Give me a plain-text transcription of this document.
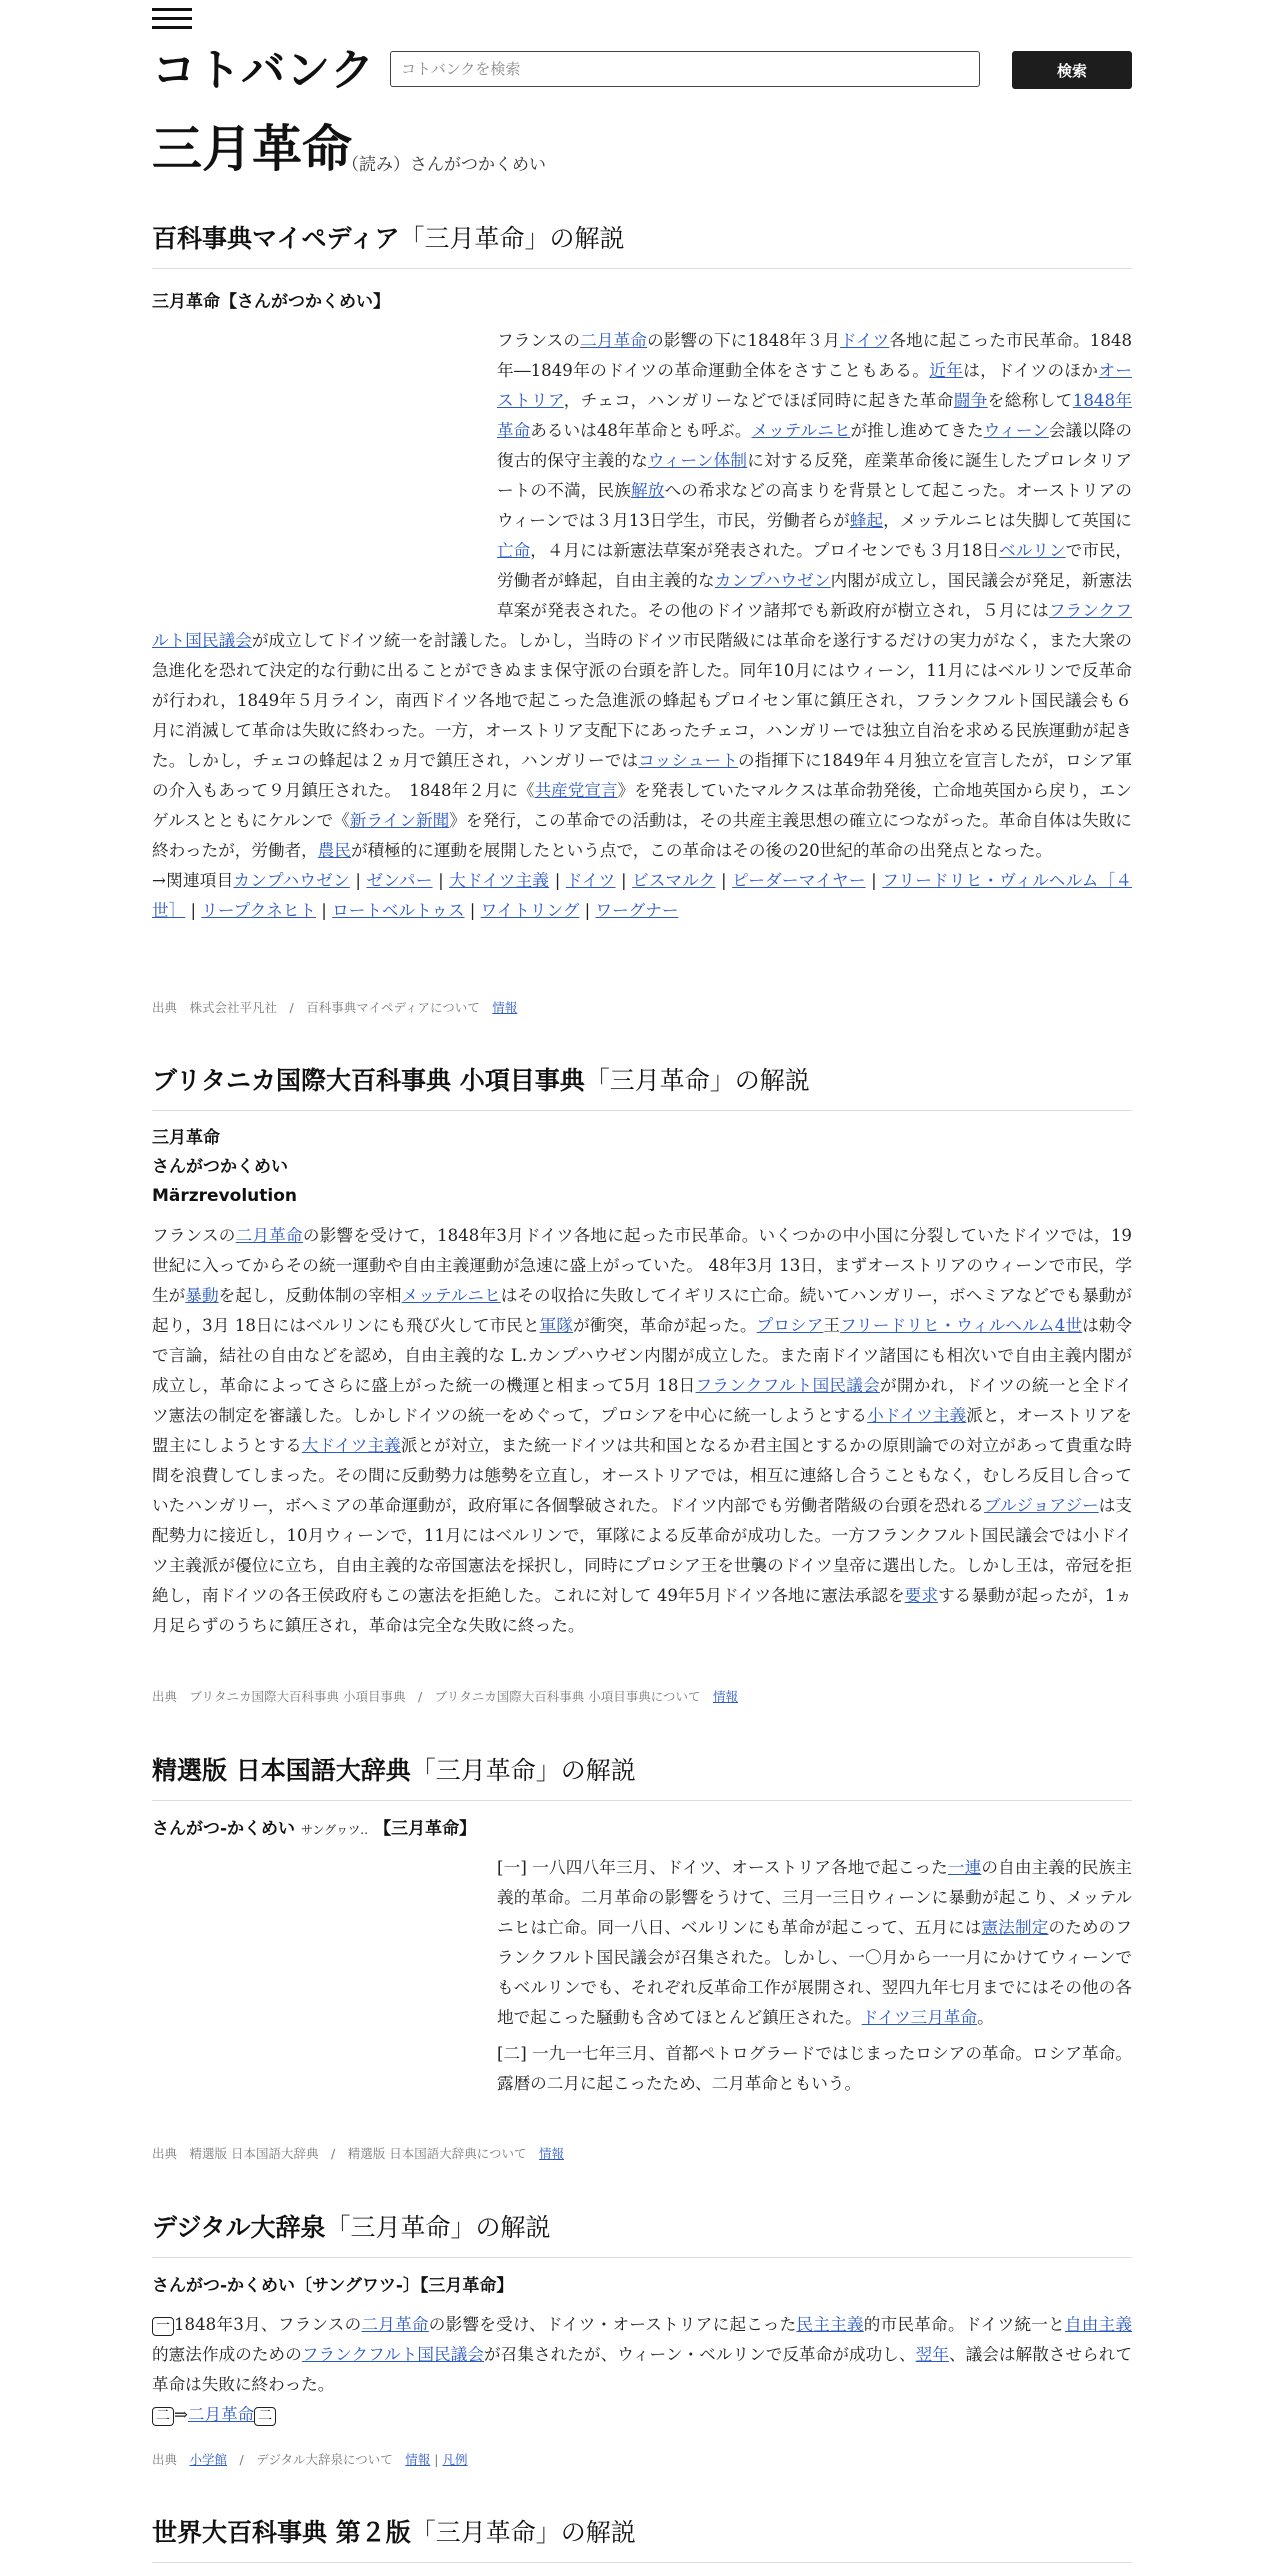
コトバンク
コトバンクを検索	検索
三月革命
（読み）さんがつかくめい
百科事典マイペディア「三月革命」の解説
三月革命【さんがつかくめい】
フランスの二月革命の影響の下に1848年３月ドイツ各地に起こった市民革命。1848年―1849年のドイツの革命運動全体をさすこともある。近年は，ドイツのほかオーストリア，チェコ，ハンガリーなどでほぼ同時に起きた革命闘争を総称して1848年革命あるいは48年革命とも呼ぶ。メッテルニヒが推し進めてきたウィーン会議以降の復古的保守主義的なウィーン体制に対する反発，産業革命後に誕生したプロレタリアートの不満，民族解放への希求などの高まりを背景として起こった。オーストリアのウィーンでは３月13日学生，市民，労働者らが蜂起，メッテルニヒは失脚して英国に亡命，４月には新憲法草案が発表された。プロイセンでも３月18日ベルリンで市民，労働者が蜂起，自由主義的なカンプハウゼン内閣が成立し，国民議会が発足，新憲法草案が発表された。その他のドイツ諸邦でも新政府が樹立され，５月にはフランクフルト国民議会が成立してドイツ統一を討議した。しかし，当時のドイツ市民階級には革命を遂行するだけの実力がなく，また大衆の急進化を恐れて決定的な行動に出ることができぬまま保守派の台頭を許した。同年10月にはウィーン，11月にはベルリンで反革命が行われ，1849年５月ライン，南西ドイツ各地で起こった急進派の蜂起もプロイセン軍に鎮圧され，フランクフルト国民議会も６月に消滅して革命は失敗に終わった。一方，オーストリア支配下にあったチェコ，ハンガリーでは独立自治を求める民族運動が起きた。しかし，チェコの蜂起は２ヵ月で鎮圧され，ハンガリーではコッシュートの指揮下に1849年４月独立を宣言したが，ロシア軍の介入もあって９月鎮圧された。　1848年２月に《共産党宣言》を発表していたマルクスは革命勃発後，亡命地英国から戻り，エンゲルスとともにケルンで《新ライン新聞》を発行，この革命での活動は，その共産主義思想の確立につながった。革命自体は失敗に終わったが，労働者，農民が積極的に運動を展開したという点で，この革命はその後の20世紀的革命の出発点となった。
→関連項目カンプハウゼン | ゼンパー | 大ドイツ主義 | ドイツ | ビスマルク | ピーダーマイヤー | フリードリヒ・ヴィルヘルム［４世］ | リープクネヒト | ロートベルトゥス | ワイトリング | ワーグナー
出典　 株式会社平凡社　/　百科事典マイペディアについて　 情報
ブリタニカ国際大百科事典 小項目事典「三月革命」の解説
三月革命
さんがつかくめい
Märzrevolution
フランスの二月革命の影響を受けて，1848年3月ドイツ各地に起った市民革命。いくつかの中小国に分裂していたドイツでは，19世紀に入ってからその統一運動や自由主義運動が急速に盛上がっていた。 48年3月 13日，まずオーストリアのウィーンで市民，学生が暴動を起し，反動体制の宰相メッテルニヒはその収拾に失敗してイギリスに亡命。続いてハンガリー，ボヘミアなどでも暴動が起り，3月 18日にはベルリンにも飛び火して市民と軍隊が衝突，革命が起った。プロシア王フリードリヒ・ウィルヘルム4世は勅令で言論，結社の自由などを認め，自由主義的な L.カンプハウゼン内閣が成立した。また南ドイツ諸国にも相次いで自由主義内閣が成立し，革命によってさらに盛上がった統一の機運と相まって5月 18日フランクフルト国民議会が開かれ，ドイツの統一と全ドイツ憲法の制定を審議した。しかしドイツの統一をめぐって，プロシアを中心に統一しようとする小ドイツ主義派と，オーストリアを盟主にしようとする大ドイツ主義派とが対立，また統一ドイツは共和国となるか君主国とするかの原則論での対立があって貴重な時間を浪費してしまった。その間に反動勢力は態勢を立直し，オーストリアでは，相互に連絡し合うこともなく，むしろ反目し合っていたハンガリー，ボヘミアの革命運動が，政府軍に各個撃破された。ドイツ内部でも労働者階級の台頭を恐れるブルジョアジーは支配勢力に接近し，10月ウィーンで，11月にはベルリンで，軍隊による反革命が成功した。一方フランクフルト国民議会では小ドイツ主義派が優位に立ち，自由主義的な帝国憲法を採択し，同時にプロシア王を世襲のドイツ皇帝に選出した。しかし王は，帝冠を拒絶し，南ドイツの各王侯政府もこの憲法を拒絶した。これに対して 49年5月ドイツ各地に憲法承認を要求する暴動が起ったが，1ヵ月足らずのうちに鎮圧され，革命は完全な失敗に終った。
出典　 ブリタニカ国際大百科事典 小項目事典　/　ブリタニカ国際大百科事典 小項目事典について　 情報
精選版 日本国語大辞典「三月革命」の解説
さんがつ‐かくめい サングヮツ‥ 【三月革命】
[一] 一八四八年三月、ドイツ、オーストリア各地で起こった一連の自由主義的民族主義的革命。二月革命の影響をうけて、三月一三日ウィーンに暴動が起こり、メッテルニヒは亡命。同一八日、ベルリンにも革命が起こって、五月には憲法制定のためのフランクフルト国民議会が召集された。しかし、一〇月から一一月にかけてウィーンでもベルリンでも、それぞれ反革命工作が展開され、翌四九年七月までにはその他の各地で起こった騒動も含めてほとんど鎮圧された。ドイツ三月革命。

[二] 一九一七年三月、首都ペトログラードではじまったロシアの革命。ロシア革命。露暦の二月に起こったため、二月革命ともいう。
出典　 精選版 日本国語大辞典　/　精選版 日本国語大辞典について　 情報
デジタル大辞泉「三月革命」の解説
さんがつ‐かくめい〔サングワツ‐〕【三月革命】
一 1848年3月、フランスの二月革命の影響を受け、ドイツ・オーストリアに起こった民主主義的市民革命。ドイツ統一と自由主義的憲法作成のためのフランクフルト国民議会が召集されたが、ウィーン・ベルリンで反革命が成功し、翌年、議会は解散させられて革命は失敗に終わった。
二 ⇒二月革命 二
出典　 小学館　/　デジタル大辞泉について　 情報 | 凡例
世界大百科事典 第２版「三月革命」の解説
